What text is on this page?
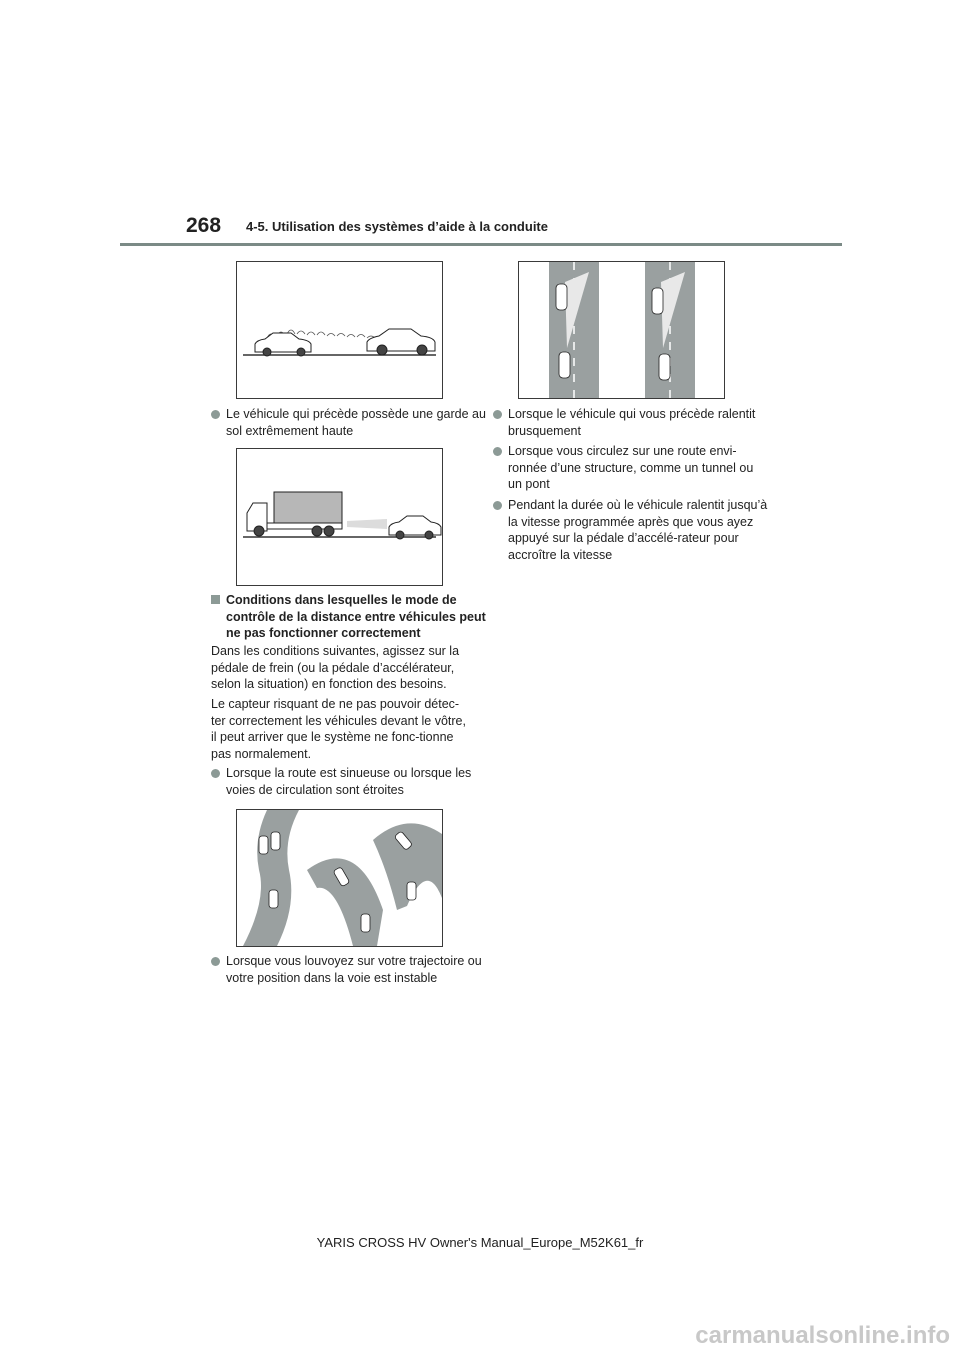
268 4-5. Utilisation des systèmes d’aide à la conduite
Le véhicule qui précède possède une garde au sol extrêmement haute
Conditions dans lesquelles le mode de contrôle de la distance entre véhicules peut ne pas fonctionner correctement
Dans les conditions suivantes, agissez sur la pédale de frein (ou la pédale d’accélérateur, selon la situation) en fonction des besoins.
Le capteur risquant de ne pas pouvoir détec-ter correctement les véhicules devant le vôtre, il peut arriver que le système ne fonc-tionne pas normalement.
Lorsque la route est sinueuse ou lorsque les voies de circulation sont étroites
Lorsque vous louvoyez sur votre trajectoire ou votre position dans la voie est instable
Lorsque le véhicule qui vous précède ralentit brusquement
Lorsque vous circulez sur une route envi-ronnée d’une structure, comme un tunnel ou un pont
Pendant la durée où le véhicule ralentit jusqu’à la vitesse programmée après que vous ayez appuyé sur la pédale d’accélé-rateur pour accroître la vitesse
YARIS CROSS HV Owner's Manual_Europe_M52K61_fr
carmanualsonline.info
